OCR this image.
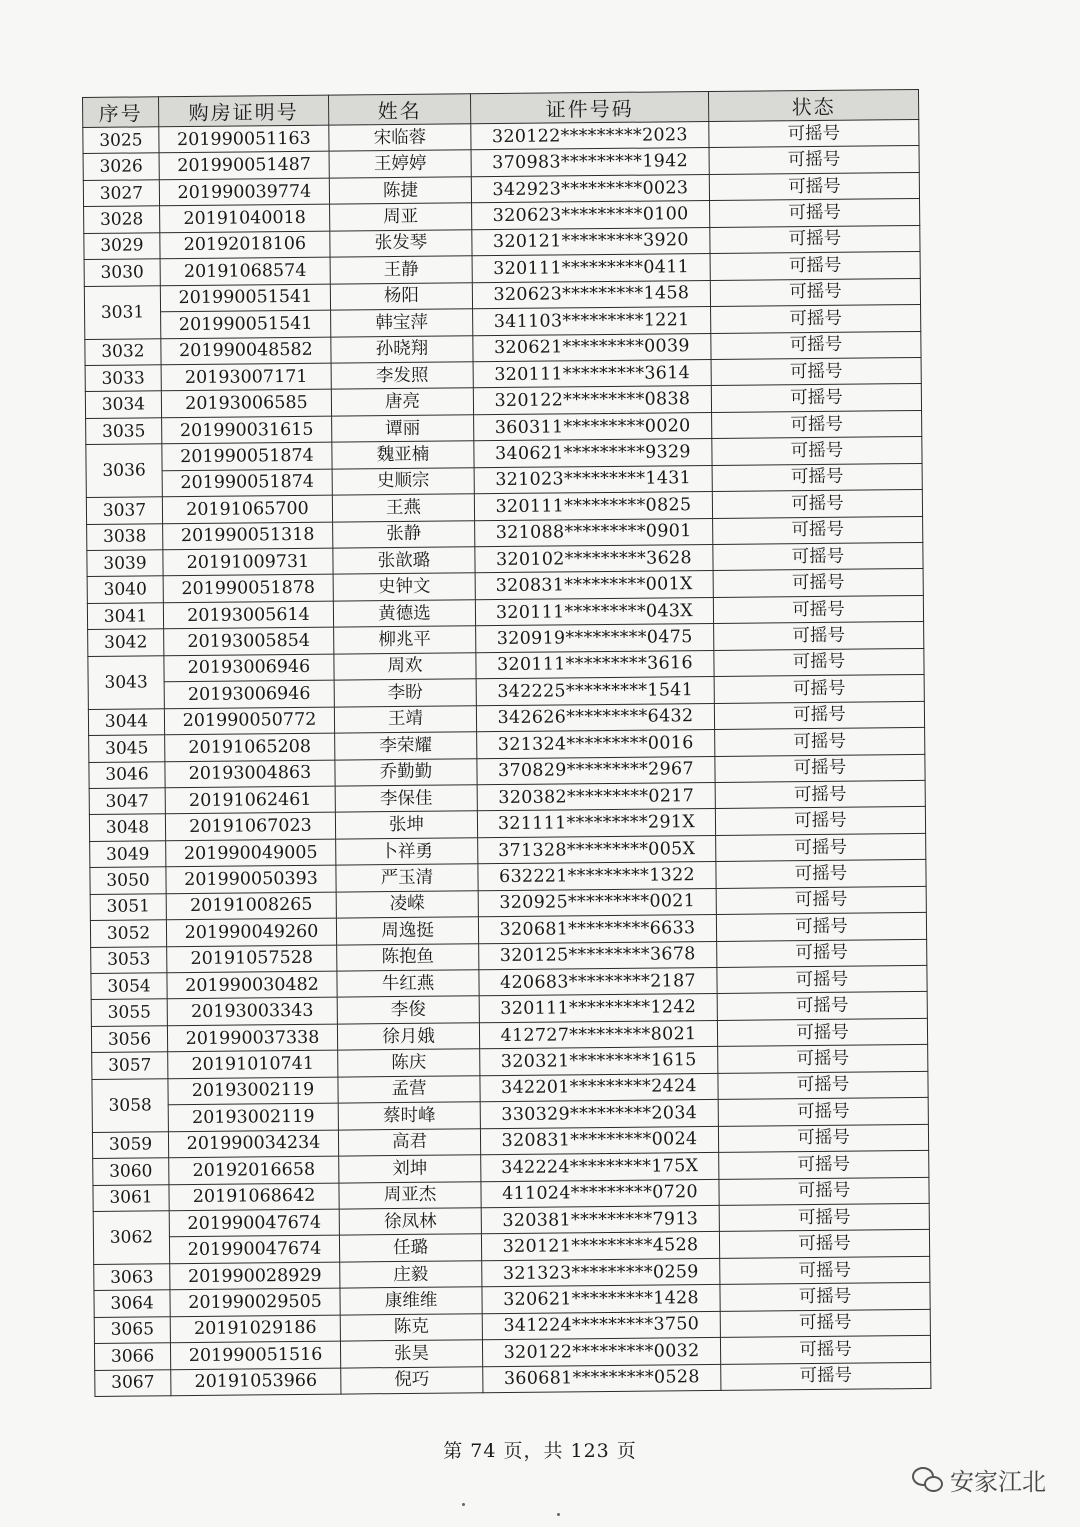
序号	购房证明号	姓名	证件号码	状态
3025	201990051163	宋临蓉	320122*********2023	可摇号
3026	201990051487	王婷婷	370983*********1942	可摇号
3027	201990039774	陈捷	342923*********0023	可摇号
3028	20191040018	周亚	320623*********0100	可摇号
3029	20192018106	张发琴	320121*********3920	可摇号
3030	20191068574	王静	320111*********0411	可摇号
3031	201990051541	杨阳	320623*********1458	可摇号
	201990051541	韩宝萍	341103*********1221	可摇号
3032	201990048582	孙晓翔	320621*********0039	可摇号
3033	20193007171	李发照	320111*********3614	可摇号
3034	20193006585	唐亮	320122*********0838	可摇号
3035	201990031615	谭丽	360311*********0020	可摇号
3036	201990051874	魏亚楠	340621*********9329	可摇号
	201990051874	史顺宗	321023*********1431	可摇号
3037	20191065700	王燕	320111*********0825	可摇号
3038	201990051318	张静	321088*********0901	可摇号
3039	20191009731	张歆璐	320102*********3628	可摇号
3040	201990051878	史钟文	320831*********001X	可摇号
3041	20193005614	黄德选	320111*********043X	可摇号
3042	20193005854	柳兆平	320919*********0475	可摇号
3043	20193006946	周欢	320111*********3616	可摇号
	20193006946	李盼	342225*********1541	可摇号
3044	201990050772	王靖	342626*********6432	可摇号
3045	20191065208	李荣耀	321324*********0016	可摇号
3046	20193004863	乔勤勤	370829*********2967	可摇号
3047	20191062461	李保佳	320382*********0217	可摇号
3048	20191067023	张坤	321111*********291X	可摇号
3049	201990049005	卜祥勇	371328*********005X	可摇号
3050	201990050393	严玉清	632221*********1322	可摇号
3051	20191008265	凌嵘	320925*********0021	可摇号
3052	201990049260	周逸挺	320681*********6633	可摇号
3053	20191057528	陈抱鱼	320125*********3678	可摇号
3054	201990030482	牛红燕	420683*********2187	可摇号
3055	20193003343	李俊	320111*********1242	可摇号
3056	201990037338	徐月娥	412727*********8021	可摇号
3057	20191010741	陈庆	320321*********1615	可摇号
3058	20193002119	孟营	342201*********2424	可摇号
	20193002119	蔡时峰	330329*********2034	可摇号
3059	201990034234	高君	320831*********0024	可摇号
3060	20192016658	刘坤	342224*********175X	可摇号
3061	20191068642	周亚杰	411024*********0720	可摇号
3062	201990047674	徐凤林	320381*********7913	可摇号
	201990047674	任璐	320121*********4528	可摇号
3063	201990028929	庄毅	321323*********0259	可摇号
3064	201990029505	康维维	320621*********1428	可摇号
3065	20191029186	陈克	341224*********3750	可摇号
3066	201990051516	张昊	320122*********0032	可摇号
3067	20191053966	倪巧	360681*********0528	可摇号
第 74 页，共 123 页
安家江北
